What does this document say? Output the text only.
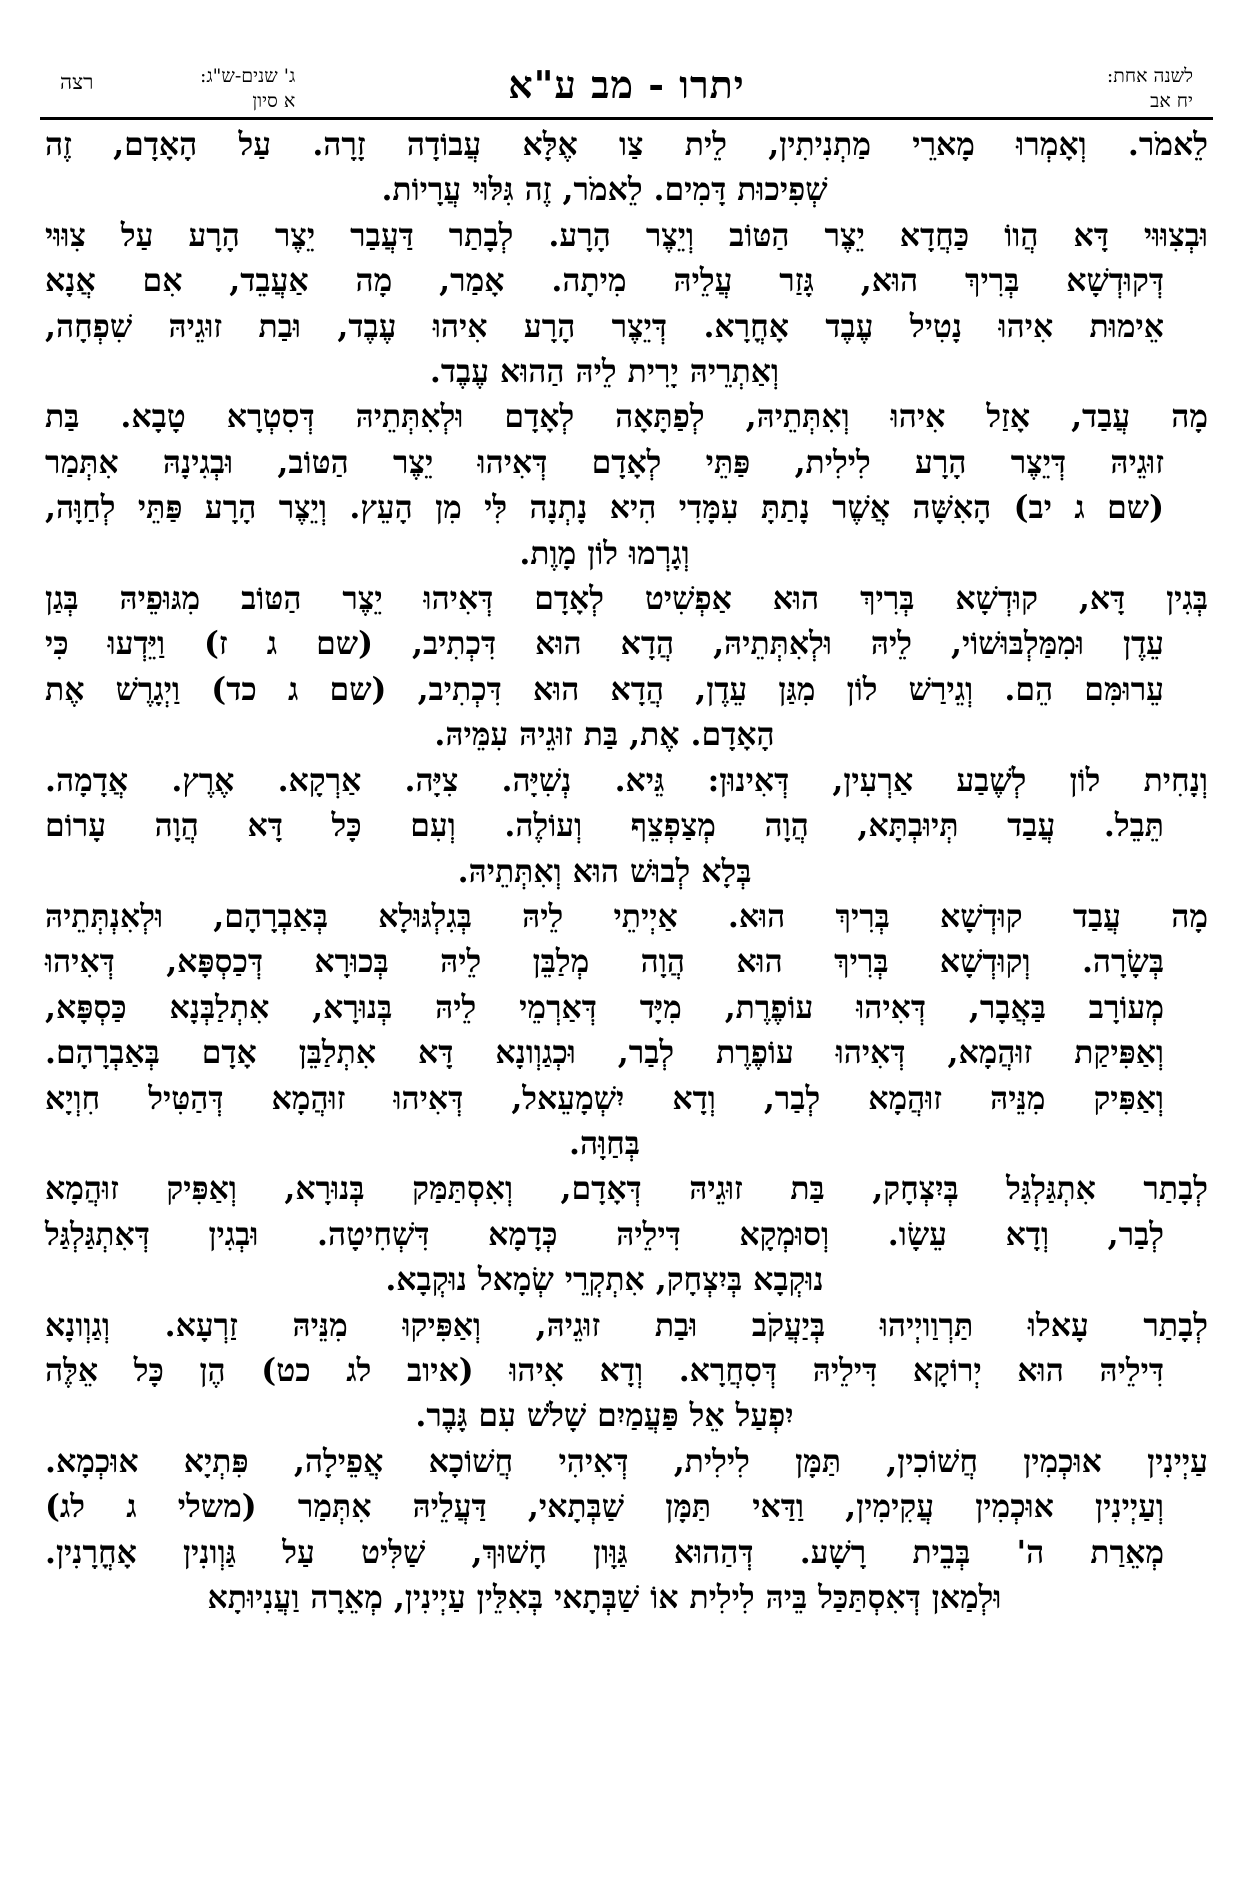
לשנה אחת:
יח אב
יתרו - מב ע"א
ג' שנים-ש"ג:
א סיון
רצה
לֵאמֹר. וְאָמְרוּ מָארֵי מַתְנִיתִין, לֵית צַו אֶלָּא עֲבוֹדָה זָרָה. עַל הָאָדָם, זֶה
שְׁפִיכוּת דָּמִים. לֵאמֹר, זֶה גִּלּוּי עֲרָיוֹת.
וּבְצִוּוּי דָּא הֲווֹ כַּחֲדָא יֵצֶר הַטּוֹב וְיֵצֶר הָרָע. לְבָתַר דַּעֲבַר יֵצֶר הָרָע עַל צִוּוּי
דְּקוּדְשָׁא בְּרִיךְ הוּא, גָּזַר עֲלֵיהּ מִיתָה. אָמַר, מָה אַעֲבֵד, אִם אֲנָא
אֵימוּת אִיהוּ נָטִיל עֶבֶד אָחֳרָא. דְּיֵצֶר הָרָע אִיהוּ עֶבֶד, וּבַת זוּגֵיהּ שִׁפְחָה,
וְאַתְרֵיהּ יָרִית לֵיהּ הַהוּא עֶבֶד.
מָה עֲבַד, אָזַל אִיהוּ וְאִתְּתֵיהּ, לְפַתָּאָה לְאָדָם וּלְאִתְּתֵיהּ דְּסִטְרָא טָבָא. בַּת
זוּגֵיהּ דְּיֵצֶר הָרָע לִילִית, פַּתֵּי לְאָדָם דְּאִיהוּ יֵצֶר הַטּוֹב, וּבְגִינָהּ אִתְּמַר
(שם ג יב) הָאִשָּׁה אֲשֶׁר נָתַתָּ עִמָּדִי הִיא נָתְנָה לִּי מִן הָעֵץ. וְיֵצֶר הָרָע פַּתֵּי לְחַוָּה,
וְגָרְמוּ לוֹן מָוֶת.
בְּגִין דָּא, קוּדְשָׁא בְּרִיךְ הוּא אַפְשִׁיט לְאָדָם דְּאִיהוּ יֵצֶר הַטּוֹב מִגּוּפֵיהּ בְּגַן
עֵדֶן וּמִמַּלְבּוּשׁוֹי, לֵיהּ וּלְאִתְּתֵיהּ, הֲדָא הוּא דִּכְתִיב, (שם ג ז) וַיֵּדְעוּ כִּי
עֵרוּמִּם הֵם. וְגֵירַשׁ לוֹן מִגַּן עֵדֶן, הֲדָא הוּא דִּכְתִיב, (שם ג כד) וַיְגָרֶשׁ אֶת
הָאָדָם. אֶת, בַּת זוּגֵיהּ עִמֵּיהּ.
וְנָחִית לוֹן לְשֶׁבַע אַרְעִין, דְּאִינוּן: גֵּיא. נְשִׁיָּה. צִיָּה. אַרְקָא. אֶרֶץ. אֲדָמָה.
תֵּבֵל. עֲבַד תְּיוּבְתָּא, הֲוָה מְצַפְצֵף וְעוֹלֶה. וְעִם כָּל דָּא הֲוָה עָרוֹם
בְּלָא לְבוּשׁ הוּא וְאִתְּתֵיהּ.
מָה עֲבַד קוּדְשָׁא בְּרִיךְ הוּא. אַיְיתֵי לֵיהּ בְּגִלְגּוּלָא בְּאַבְרָהָם, וּלְאִנְתְּתֵיהּ
בְּשָׂרָה. וְקוּדְשָׁא בְּרִיךְ הוּא הֲוָה מְלַבֵּן לֵיהּ בְּכוּרָא דְּכַסְפָּא, דְּאִיהוּ
מְעוֹרָב בַּאֲבָר, דְּאִיהוּ עוֹפֶרֶת, מִיָּד דְּאַרְמֵי לֵיהּ בְּנוּרָא, אִתְלַבְּנָא כַּסְפָּא,
וְאַפִּיקַת זוּהֲמָא, דְּאִיהוּ עוֹפֶרֶת לְבַר, וּכְגַוְונָא דָּא אִתְלַבֵּן אָדָם בְּאַבְרָהָם.
וְאַפִּיק מִנֵּיהּ זוּהֲמָא לְבַר, וְדָא יִשְׁמָעֵאל, דְּאִיהוּ זוּהֲמָא דְּהַטִּיל חִוְיָא
בְּחַוָּה.
לְבָתַר אִתְגַּלְגַּל בְּיִצְחָק, בַּת זוּגֵיהּ דְּאָדָם, וְאִסְתַּמַּק בְּנוּרָא, וְאַפִּיק זוּהֲמָא
לְבַר, וְדָא עֵשָׂו. וְסוּמְקָא דִּילֵיהּ כְּדָמָא דִּשְׁחִיטָה. וּבְגִין דְּאִתְגַּלְגַּל
נוּקְבָא בְּיִצְחָק, אִתְקְרֵי שְׂמָאל נוּקְבָא.
לְבָתַר עָאלוּ תַּרְוַויְיהוּ בְּיַעֲקֹב וּבַת זוּגֵיהּ, וְאַפִּיקוּ מִנֵּיהּ זַרְעָא. וְגַוְונָא
דִּילֵיהּ הוּא יְרוֹקָא דִּילֵיהּ דְּסִחֲרָא. וְדָא אִיהוּ (איוב לג כט) הֶן כָּל אֵלֶּה
יִפְעַל אֵל פַּעֲמַיִם שָׁלֹשׁ עִם גָּבֶר.
עַיְינִין אוּכְמִין חֲשׁוֹכִין, תַּמָּן לִילִית, דְּאִיהִי חֲשׁוֹכָא אֲפֵילָה, פִּתְיָא אוּכְמָא.
וְעַיְינִין אוּכְמִין עֲקִימִין, וַדַּאי תַּמָּן שַׁבְּתָאי, דַּעֲלֵיהּ אִתְּמַר (משלי ג לג)
מְאֵרַת ה' בְּבֵית רָשָׁע. דְּהַהוּא גַּוָּון חָשׁוּךְ, שַׁלִּיט עַל גַּוְונִין אָחֳרָנִין.
וּלְמַאן דְּאִסְתַּכַּל בֵּיהּ לִילִית אוֹ שַׁבְּתָאי בְּאִלֵּין עַיְינִין, מְאֵרָה וַעֲנִיוּתָא
